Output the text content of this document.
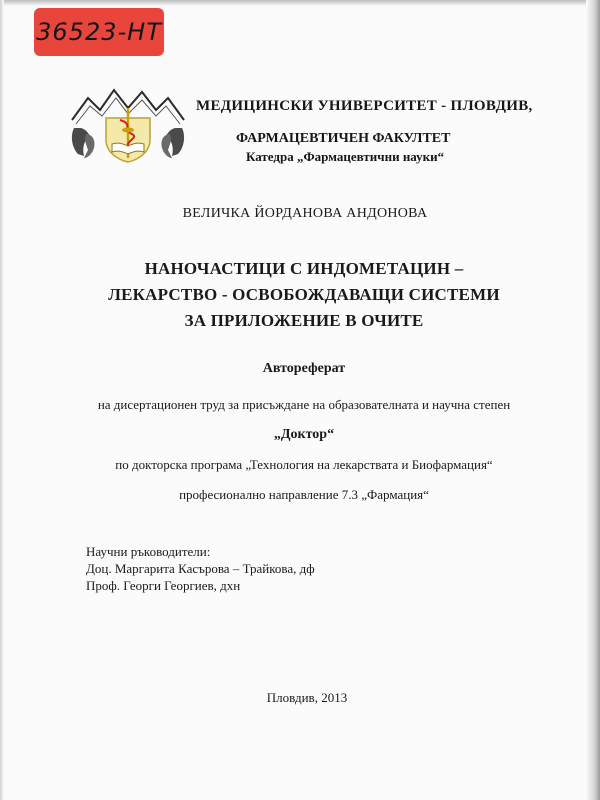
36523-НТ
МЕДИЦИНСКИ УНИВЕРСИТЕТ - ПЛОВДИВ,
ФАРМАЦЕВТИЧЕН ФАКУЛТЕТ
Катедра „Фармацевтични науки“
ВЕЛИЧКА ЙОРДАНОВА АНДОНОВА
НАНОЧАСТИЦИ С ИНДОМЕТАЦИН –
ЛЕКАРСТВО - ОСВОБОЖДАВАЩИ СИСТЕМИ
ЗА ПРИЛОЖЕНИЕ В ОЧИТЕ
Автореферат
на дисертационен труд за присъждане на образователната и научна степен
„Доктор“
по докторска програма „Технология на лекарствата и Биофармация“
професионално направление 7.3 „Фармация“
Научни ръководители:
Доц. Маргарита Касърова – Трайкова, дф
Проф. Георги Георгиев, дхн
Пловдив, 2013
